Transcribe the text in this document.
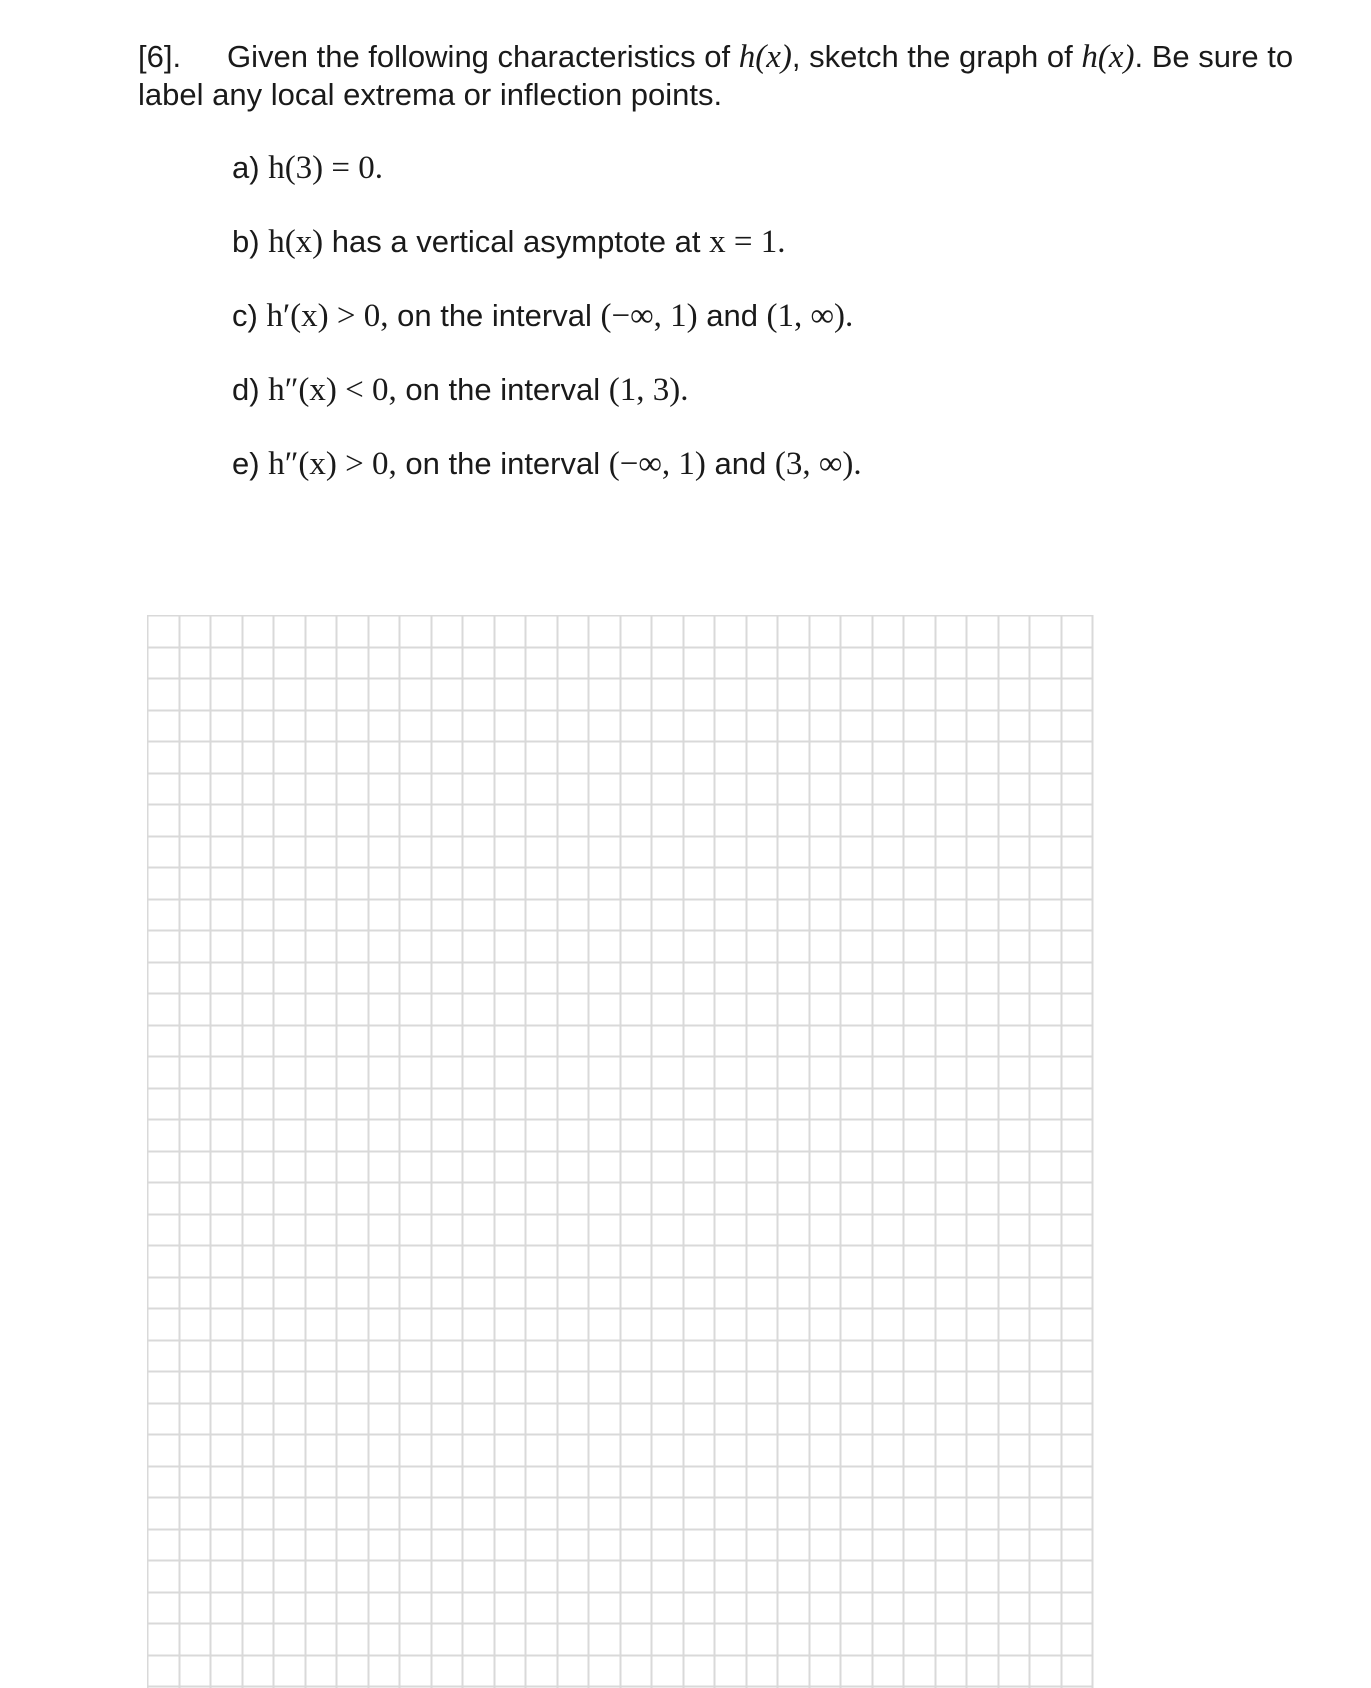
[6]. Given the following characteristics of h(x), sketch the graph of h(x). Be sure to label any local extrema or inflection points.
a) h(3) = 0.
b) h(x) has a vertical asymptote at x = 1.
c) h′(x) > 0, on the interval (−∞, 1) and (1, ∞).
d) h″(x) < 0, on the interval (1, 3).
e) h″(x) > 0, on the interval (−∞, 1) and (3, ∞).
